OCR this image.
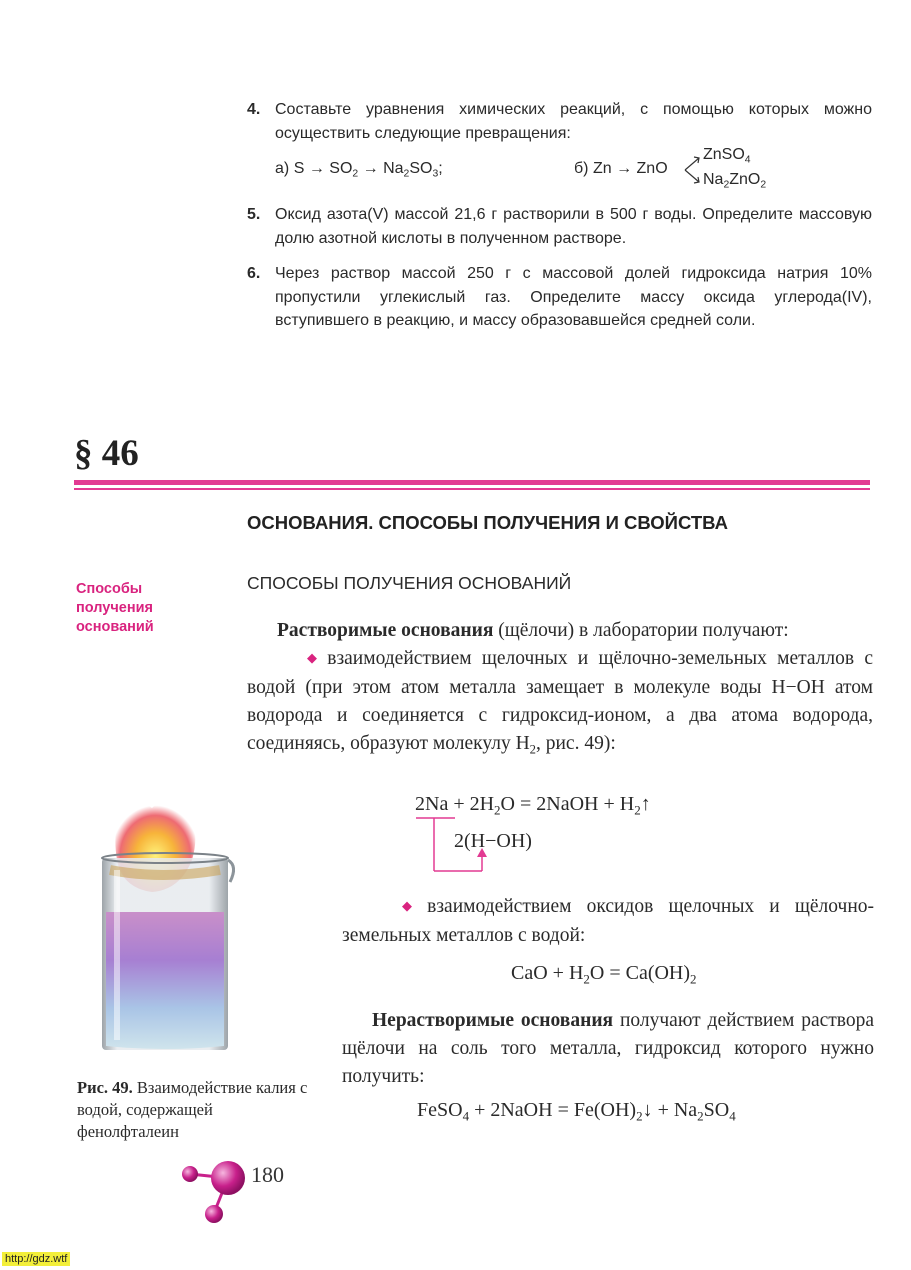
4. Составьте уравнения химических реакций, с помощью которых можно осуществить следующие превращения:
а) $S \to SO_2 \to Na_2SO_3$;	б) Zn → ZnO
ZnSO$_4$
$Na_2ZnO_2$
5. Оксид азота(V) массой 21,6 г растворили в 500 г воды. Определите массовую долю азотной кислоты в полученном растворе.
6. Через раствор массой 250 г с массовой долей гидроксида натрия 10% пропустили углекислый газ. Определите массу оксида углерода(IV), вступившего в реакцию, и массу образовавшейся средней соли.
§ 46
ОСНОВАНИЯ. СПОСОБЫ ПОЛУЧЕНИЯ И СВОЙСТВА
СПОСОБЫ ПОЛУЧЕНИЯ ОСНОВАНИЙ
Способы
получения
оснований	Растворимые основания (щёлочи) в лаборатории получают:
◆ взаимодействием щелочных и щёлочно-земельных металлов с водой (при этом атом металла замещает в молекуле воды H−OH атом водорода и соединяется с гидроксид-ионом, а два атома водорода, соединяясь, образуют молекулу $H_2$, рис. 49):
$2Na + 2H_2O$ = 2NaOH + $H_2↑$
2(H−OH)
◆ взаимодействием оксидов щелочных и щёлочно-земельных металлов с водой:
CaO + $H_2O = Ca(OH)_2$
Нерастворимые основания получают действием раствора щёлочи на соль того металла, гидроксид которого нужно получить:
FeSO$_4$ + 2NaOH = $Fe(OH)_2↓ + Na_2SO_4$
Рис. 49. Взаимодействие калия с водой, содержащей фенолфталеин
180
http://gdz.wtf
